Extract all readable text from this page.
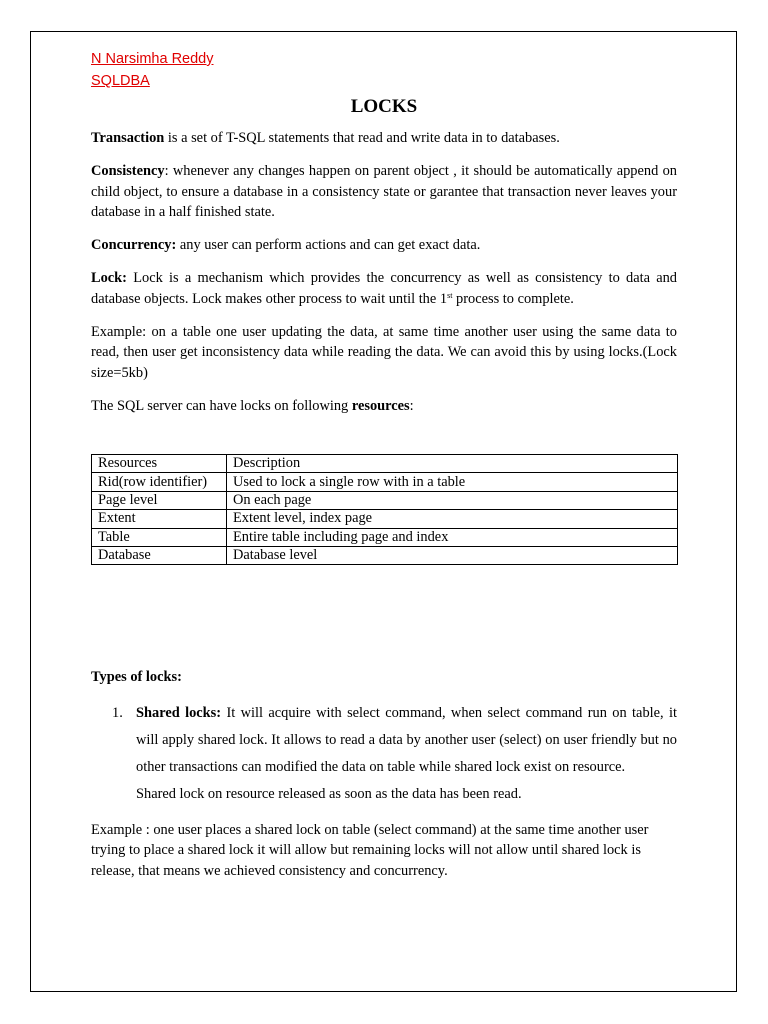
N Narsimha Reddy
SQLDBA
LOCKS

Transaction is a set of T-SQL statements that read and write data in to databases.

Consistency: whenever any changes happen on parent object , it should be automatically append on child object, to ensure a database in a consistency state or garantee that transaction never leaves your database in a half finished state.

Concurrency: any user can perform actions and can get exact data.

Lock: Lock is a mechanism which provides the concurrency as well as consistency to data and database objects. Lock makes other process to wait until the 1st process to complete.

Example: on a table one user updating the data, at same time another user using the same data to read, then user get inconsistency data while reading the data. We can avoid this by using locks.(Lock size=5kb)

The SQL server can have locks on following resources:

Resources	Description
Rid(row identifier)	Used to lock a single row with in a table
Page level	On each page
Extent	Extent level, index page
Table	Entire table including page and index
Database	Database level
Types of locks:
1. Shared locks: It will acquire with select command, when select command run on table, it will apply shared lock. It allows to read a data by another user (select) on user friendly but no other transactions can modified the data on table while shared lock exist on resource.
Shared lock on resource released as soon as the data has been read.

Example : one user places a shared lock on table (select command) at the same time another user trying to place a shared lock it will allow but remaining locks will not allow until shared lock is release, that means we achieved consistency and concurrency.
